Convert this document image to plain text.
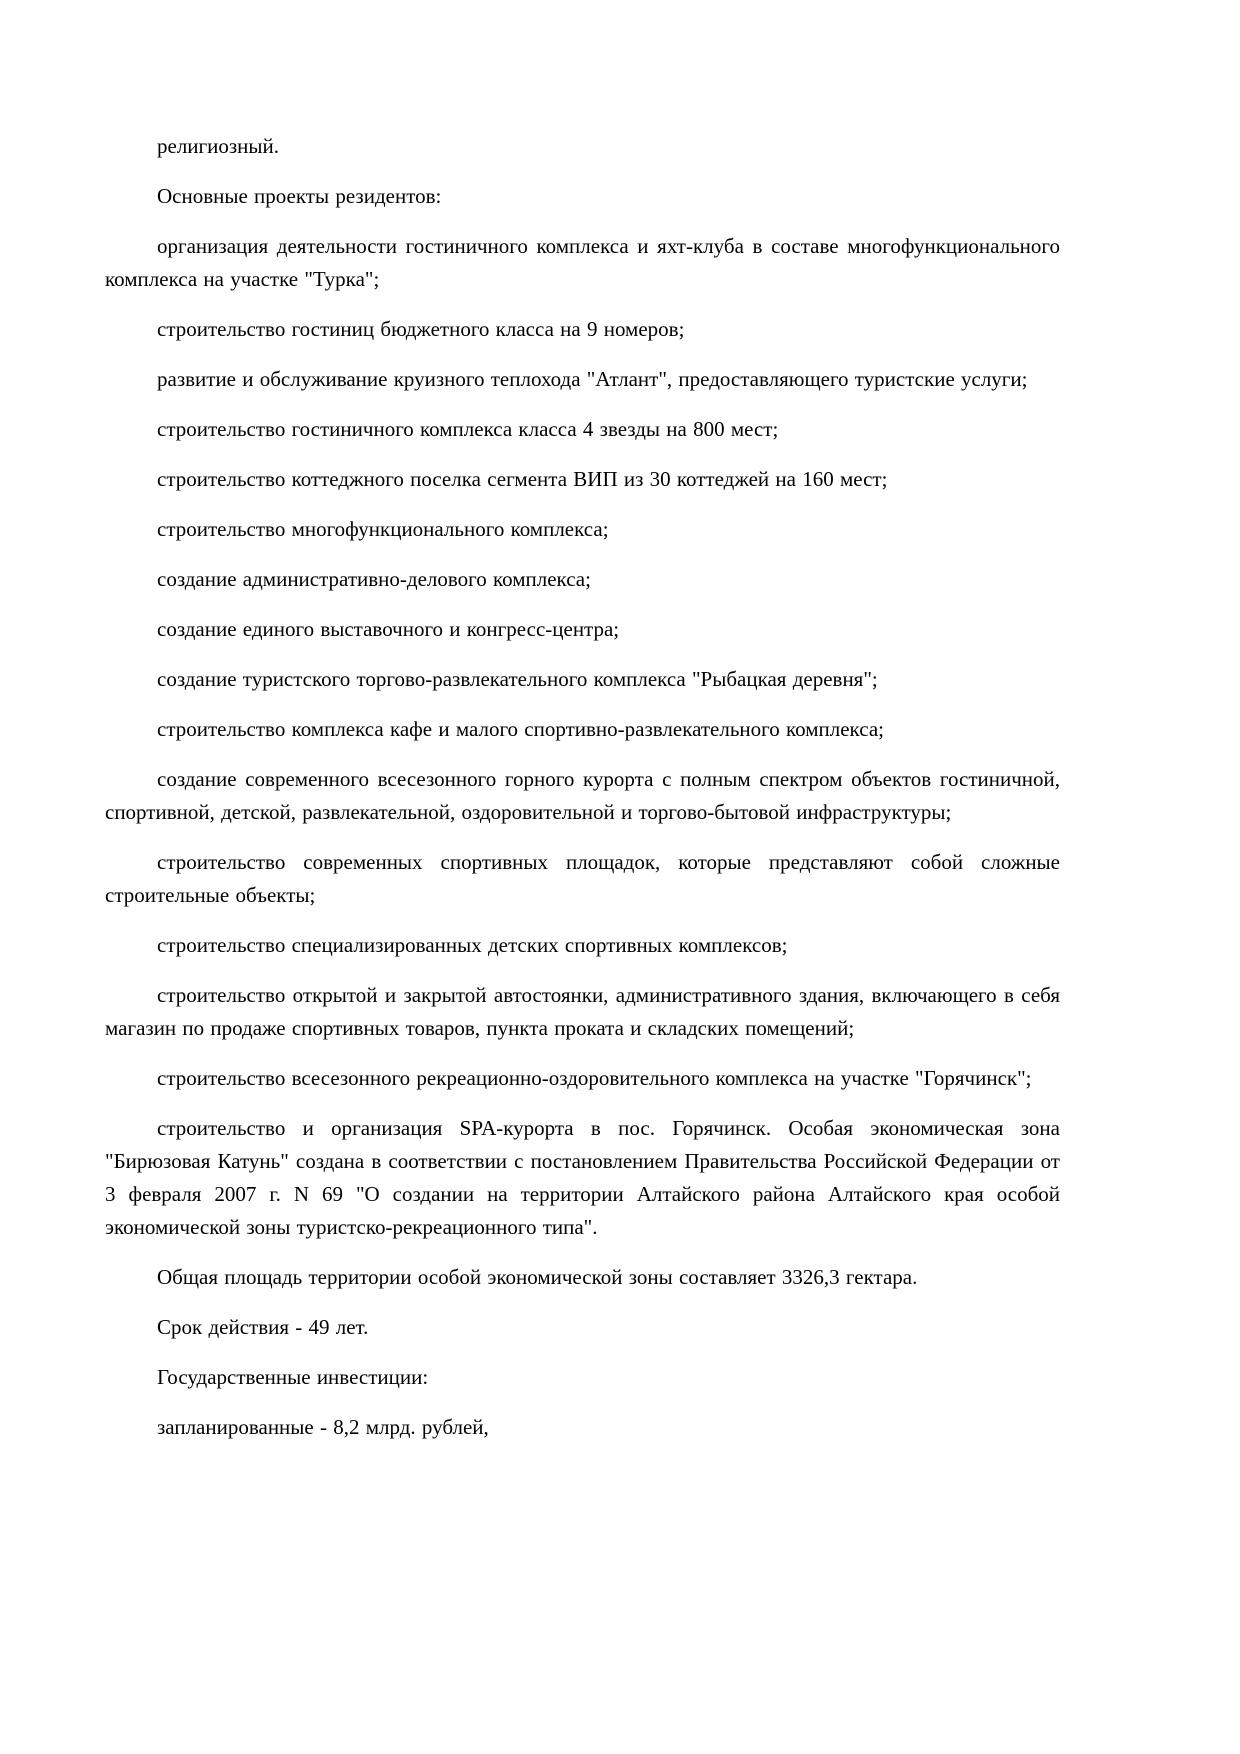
религиозный.

Основные проекты резидентов:

организация деятельности гостиничного комплекса и яхт-клуба в составе многофункционального комплекса на участке "Турка";

строительство гостиниц бюджетного класса на 9 номеров;

развитие и обслуживание круизного теплохода "Атлант", предоставляющего туристские услуги;

строительство гостиничного комплекса класса 4 звезды на 800 мест;

строительство коттеджного поселка сегмента ВИП из 30 коттеджей на 160 мест;

строительство многофункционального комплекса;

создание административно-делового комплекса;

создание единого выставочного и конгресс-центра;

создание туристского торгово-развлекательного комплекса "Рыбацкая деревня";

строительство комплекса кафе и малого спортивно-развлекательного комплекса;

создание современного всесезонного горного курорта с полным спектром объектов гостиничной, спортивной, детской, развлекательной, оздоровительной и торгово-бытовой инфраструктуры;

строительство современных спортивных площадок, которые представляют собой сложные строительные объекты;

строительство специализированных детских спортивных комплексов;

строительство открытой и закрытой автостоянки, административного здания, включающего в себя магазин по продаже спортивных товаров, пункта проката и складских помещений;

строительство всесезонного рекреационно-оздоровительного комплекса на участке "Горячинск";

строительство и организация SPA-курорта в пос. Горячинск. Особая экономическая зона "Бирюзовая Катунь" создана в соответствии с постановлением Правительства Российской Федерации от 3 февраля 2007 г. N 69 "О создании на территории Алтайского района Алтайского края особой экономической зоны туристско-рекреационного типа".

Общая площадь территории особой экономической зоны составляет 3326,3 гектара.

Срок действия - 49 лет.

Государственные инвестиции:

запланированные - 8,2 млрд. рублей,
